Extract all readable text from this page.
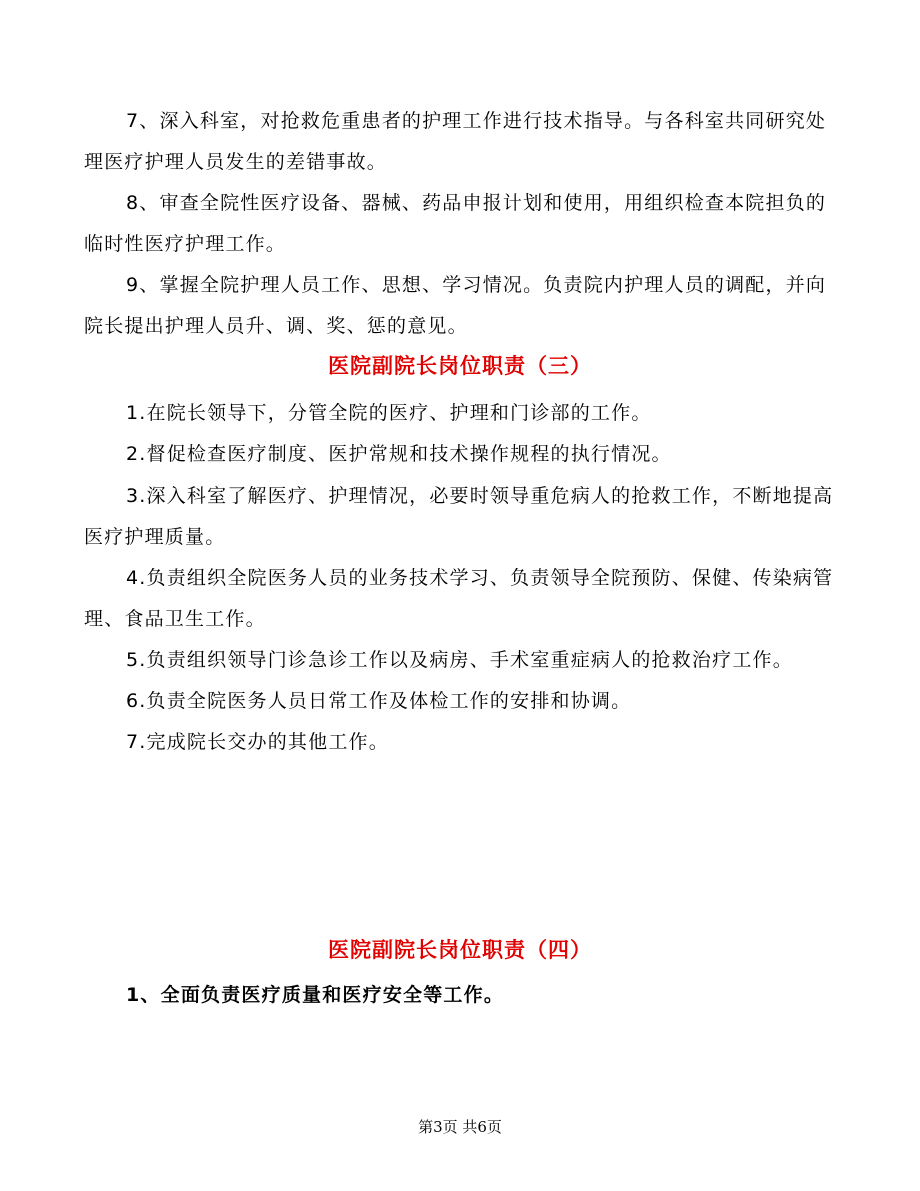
7、深入科室，对抢救危重患者的护理工作进行技术指导。与各科室共同研究处理医疗护理人员发生的差错事故。

8、审查全院性医疗设备、器械、药品申报计划和使用，用组织检查本院担负的临时性医疗护理工作。

9、掌握全院护理人员工作、思想、学习情况。负责院内护理人员的调配，并向院长提出护理人员升、调、奖、惩的意见。

医院副院长岗位职责（三）

1.在院长领导下，分管全院的医疗、护理和门诊部的工作。

2.督促检查医疗制度、医护常规和技术操作规程的执行情况。

3.深入科室了解医疗、护理情况，必要时领导重危病人的抢救工作，不断地提高医疗护理质量。

4.负责组织全院医务人员的业务技术学习、负责领导全院预防、保健、传染病管理、食品卫生工作。

5.负责组织领导门诊急诊工作以及病房、手术室重症病人的抢救治疗工作。

6.负责全院医务人员日常工作及体检工作的安排和协调。

7.完成院长交办的其他工作。

医院副院长岗位职责（四）

1、全面负责医疗质量和医疗安全等工作。

第3页 共6页
